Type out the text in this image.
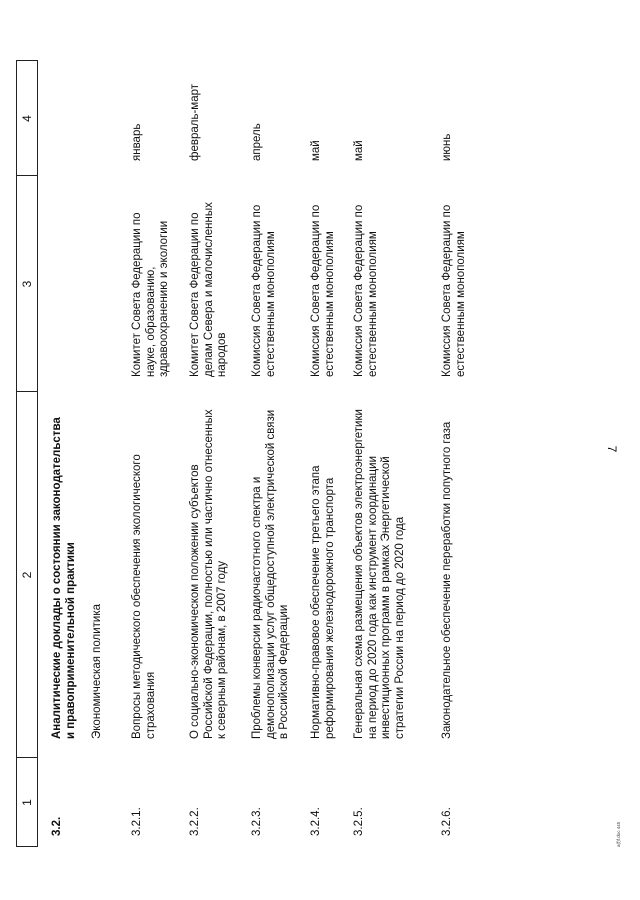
7
1
2
3
4
3.2.
Аналитические доклады о состоянии законодательства и правоприменительной практики Экономическая политика
3.2.1.
Вопросы методического обеспечения экологического страхования
Комитет Совета Федерации по науке, образованию, здравоохранению и экологии
январь
3.2.2.
О социально-экономическом положении субъектов Российской Федерации, полностью или частично отнесенных к северным районам, в 2007 году
Комитет Совета Федерации по делам Севера и малочисленных народов
февраль-март
3.2.3.
Проблемы конверсии радиочастотного спектра и демонополизации услуг общедоступной электрической связи в Российской Федерации
Комиссия Совета Федерации по естественным монополиям
апрель
3.2.4.
Нормативно-правовое обеспечение третьего этапа реформирования железнодорожного транспорта
Комиссия Совета Федерации по естественным монополиям
май
3.2.5.
Генеральная схема размещения объектов электроэнергетики на период до 2020 года как инструмент координации инвестиционных программ в рамках Энергетической стратегии России на период до 2020 года
Комиссия Совета Федерации по естественным монополиям
май
3.2.6.
Законодательное обеспечение переработки попутного газа
Комиссия Совета Федерации по естественным монополиям
июнь
a(f)f.doc 445
